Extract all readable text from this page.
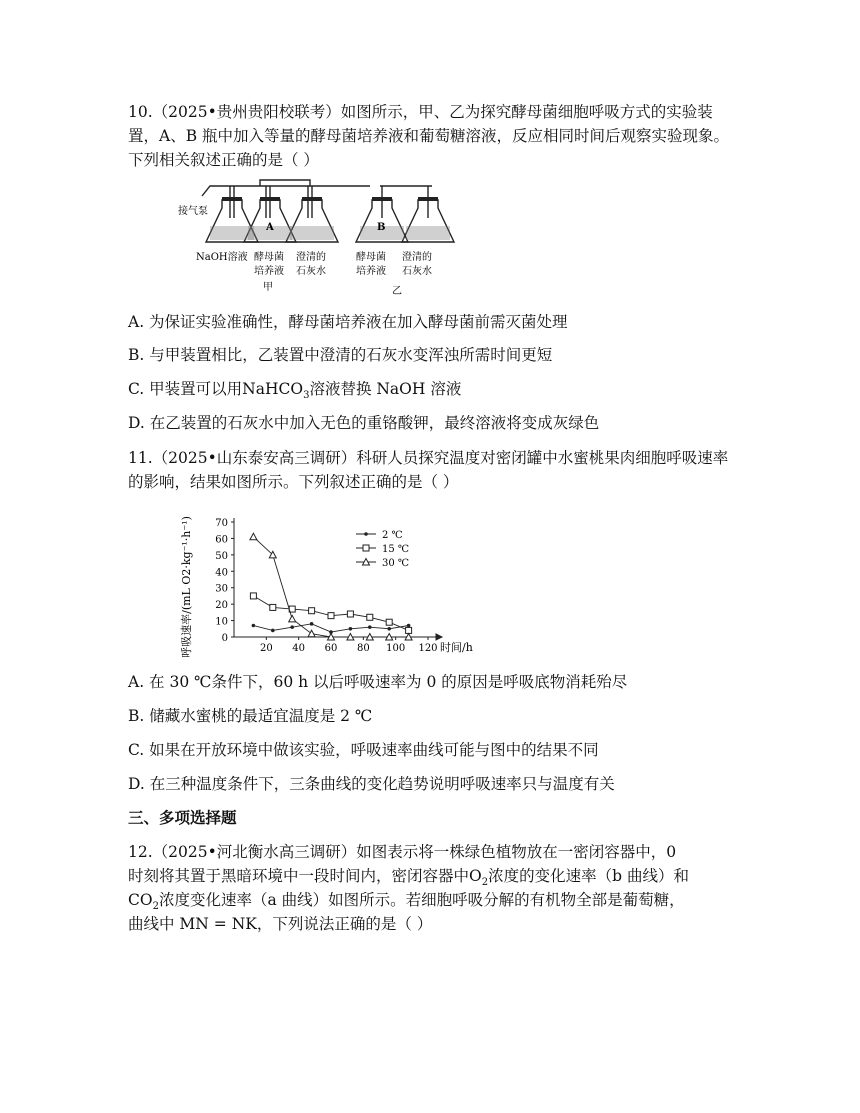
10.（2025•贵州贵阳校联考）如图所示，甲、乙为探究酵母菌细胞呼吸方式的实验装置，A、B 瓶中加入等量的酵母菌培养液和葡萄糖溶液，反应相同时间后观察实验现象。下列相关叙述正确的是（ ）

接气泵
A	B
NaOH溶液 酵母菌
培养液
澄清的
石灰水
甲
酵母菌
培养液
澄清的
石灰水
乙

A. 为保证实验准确性，酵母菌培养液在加入酵母菌前需灭菌处理

B. 与甲装置相比，乙装置中澄清的石灰水变浑浊所需时间更短

C. 甲装置可以用NaHCO$_3$溶液替换 NaOH 溶液

D. 在乙装置的石灰水中加入无色的重铬酸钾，最终溶液将变成灰绿色

11.（2025•山东泰安高三调研）科研人员探究温度对密闭罐中水蜜桃果肉细胞呼吸速率的影响，结果如图所示。下列叙述正确的是（ ）

0
10
20
30
40
50
60
70
20 40 60 80 100 120
2 ℃
15 ℃
30 ℃
呼吸速率/(mL O2·kg⁻¹·h⁻¹)	时间/h

A. 在 30 ℃条件下，60 h 以后呼吸速率为 0 的原因是呼吸底物消耗殆尽

B. 储藏水蜜桃的最适宜温度是 2 ℃

C. 如果在开放环境中做该实验，呼吸速率曲线可能与图中的结果不同

D. 在三种温度条件下，三条曲线的变化趋势说明呼吸速率只与温度有关

三、多项选择题

12.（2025•河北衡水高三调研）如图表示将一株绿色植物放在一密闭容器中，0

时刻将其置于黑暗环境中一段时间内，密闭容器中$O_2$浓度的变化速率（b 曲线）和

$CO_2$浓度变化速率（a 曲线）如图所示。若细胞呼吸分解的有机物全部是葡萄糖，

曲线中 MN = NK，下列说法正确的是（ ）
